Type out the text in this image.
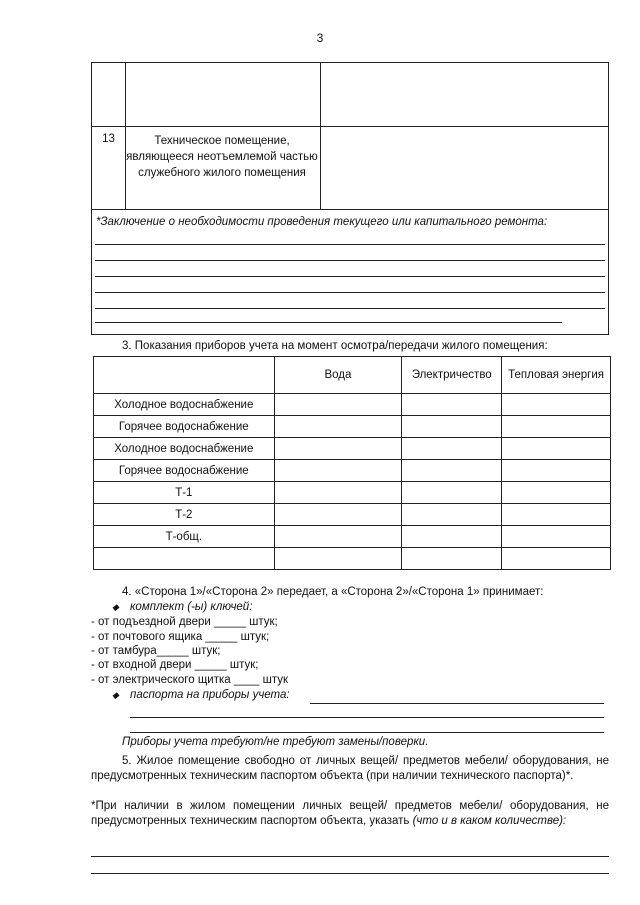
3
13	Техническое помещение, являющееся неотъемлемой частью служебного жилого помещения
*Заключение о необходимости проведения текущего или капитального ремонта:
3. Показания приборов учета на момент осмотра/передачи жилого помещения:
	Вода	Электричество	Тепловая энергия
Холодное водоснабжение			
Горячее водоснабжение			
Холодное водоснабжение			
Горячее водоснабжение			
Т-1			
Т-2			
Т-общ.			

4. «Сторона 1»/«Сторона 2» передает, а «Сторона 2»/«Сторона 1» принимает:
◆ комплект (-ы) ключей:
- от подъездной двери _____ штук;
- от почтового ящика _____ штук;
- от тамбура_____ штук;
- от входной двери _____ штук;
- от электрического щитка ____ штук
◆ паспорта на приборы учета:
Приборы учета требуют/не требуют замены/поверки.
5. Жилое помещение свободно от личных вещей/ предметов мебели/ оборудования, не предусмотренных техническим паспортом объекта (при наличии технического паспорта)*.
*При наличии в жилом помещении личных вещей/ предметов мебели/ оборудования, не предусмотренных техническим паспортом объекта, указать (что и в каком количестве):
